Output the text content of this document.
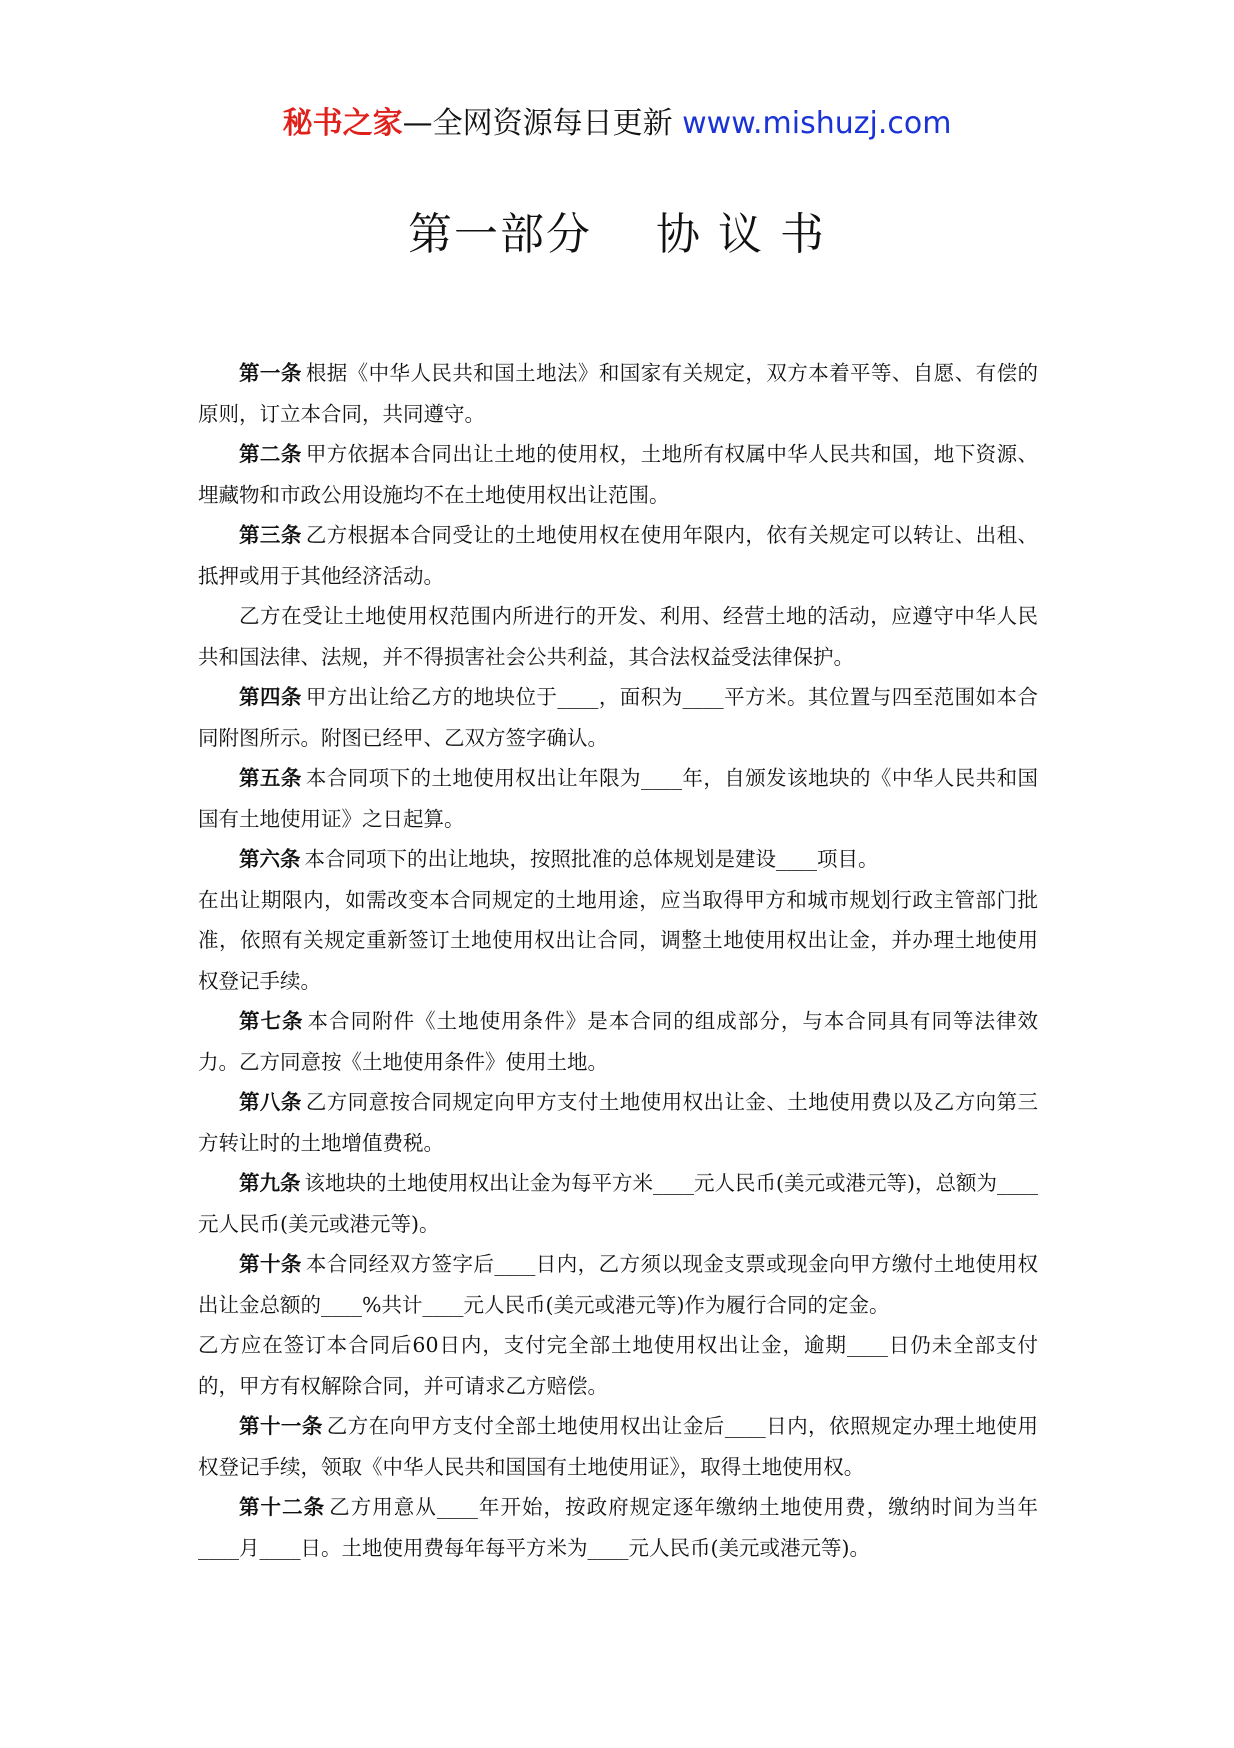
秘书之家—全网资源每日更新 www.mishuzj.com
第一部分    协 议 书

第一条 根据《中华人民共和国土地法》和国家有关规定，双方本着平等、自愿、有偿的原则，订立本合同，共同遵守。

第二条 甲方依据本合同出让土地的使用权，土地所有权属中华人民共和国，地下资源、埋藏物和市政公用设施均不在土地使用权出让范围。

第三条 乙方根据本合同受让的土地使用权在使用年限内，依有关规定可以转让、出租、抵押或用于其他经济活动。

乙方在受让土地使用权范围内所进行的开发、利用、经营土地的活动，应遵守中华人民共和国法律、法规，并不得损害社会公共利益，其合法权益受法律保护。

第四条 甲方出让给乙方的地块位于____，面积为____平方米。其位置与四至范围如本合同附图所示。附图已经甲、乙双方签字确认。

第五条 本合同项下的土地使用权出让年限为____年，自颁发该地块的《中华人民共和国国有土地使用证》之日起算。

第六条 本合同项下的出让地块，按照批准的总体规划是建设____项目。

在出让期限内，如需改变本合同规定的土地用途，应当取得甲方和城市规划行政主管部门批准，依照有关规定重新签订土地使用权出让合同，调整土地使用权出让金，并办理土地使用权登记手续。

第七条 本合同附件《土地使用条件》是本合同的组成部分，与本合同具有同等法律效力。乙方同意按《土地使用条件》使用土地。

第八条 乙方同意按合同规定向甲方支付土地使用权出让金、土地使用费以及乙方向第三方转让时的土地增值费税。

第九条 该地块的土地使用权出让金为每平方米____元人民币(美元或港元等)，总额为____元人民币(美元或港元等)。

第十条 本合同经双方签字后____日内，乙方须以现金支票或现金向甲方缴付土地使用权出让金总额的____%共计____元人民币(美元或港元等)作为履行合同的定金。

乙方应在签订本合同后60日内，支付完全部土地使用权出让金，逾期____日仍未全部支付的，甲方有权解除合同，并可请求乙方赔偿。

第十一条 乙方在向甲方支付全部土地使用权出让金后____日内，依照规定办理土地使用权登记手续，领取《中华人民共和国国有土地使用证》，取得土地使用权。

第十二条 乙方用意从____年开始，按政府规定逐年缴纳土地使用费，缴纳时间为当年____月____日。土地使用费每年每平方米为____元人民币(美元或港元等)。
